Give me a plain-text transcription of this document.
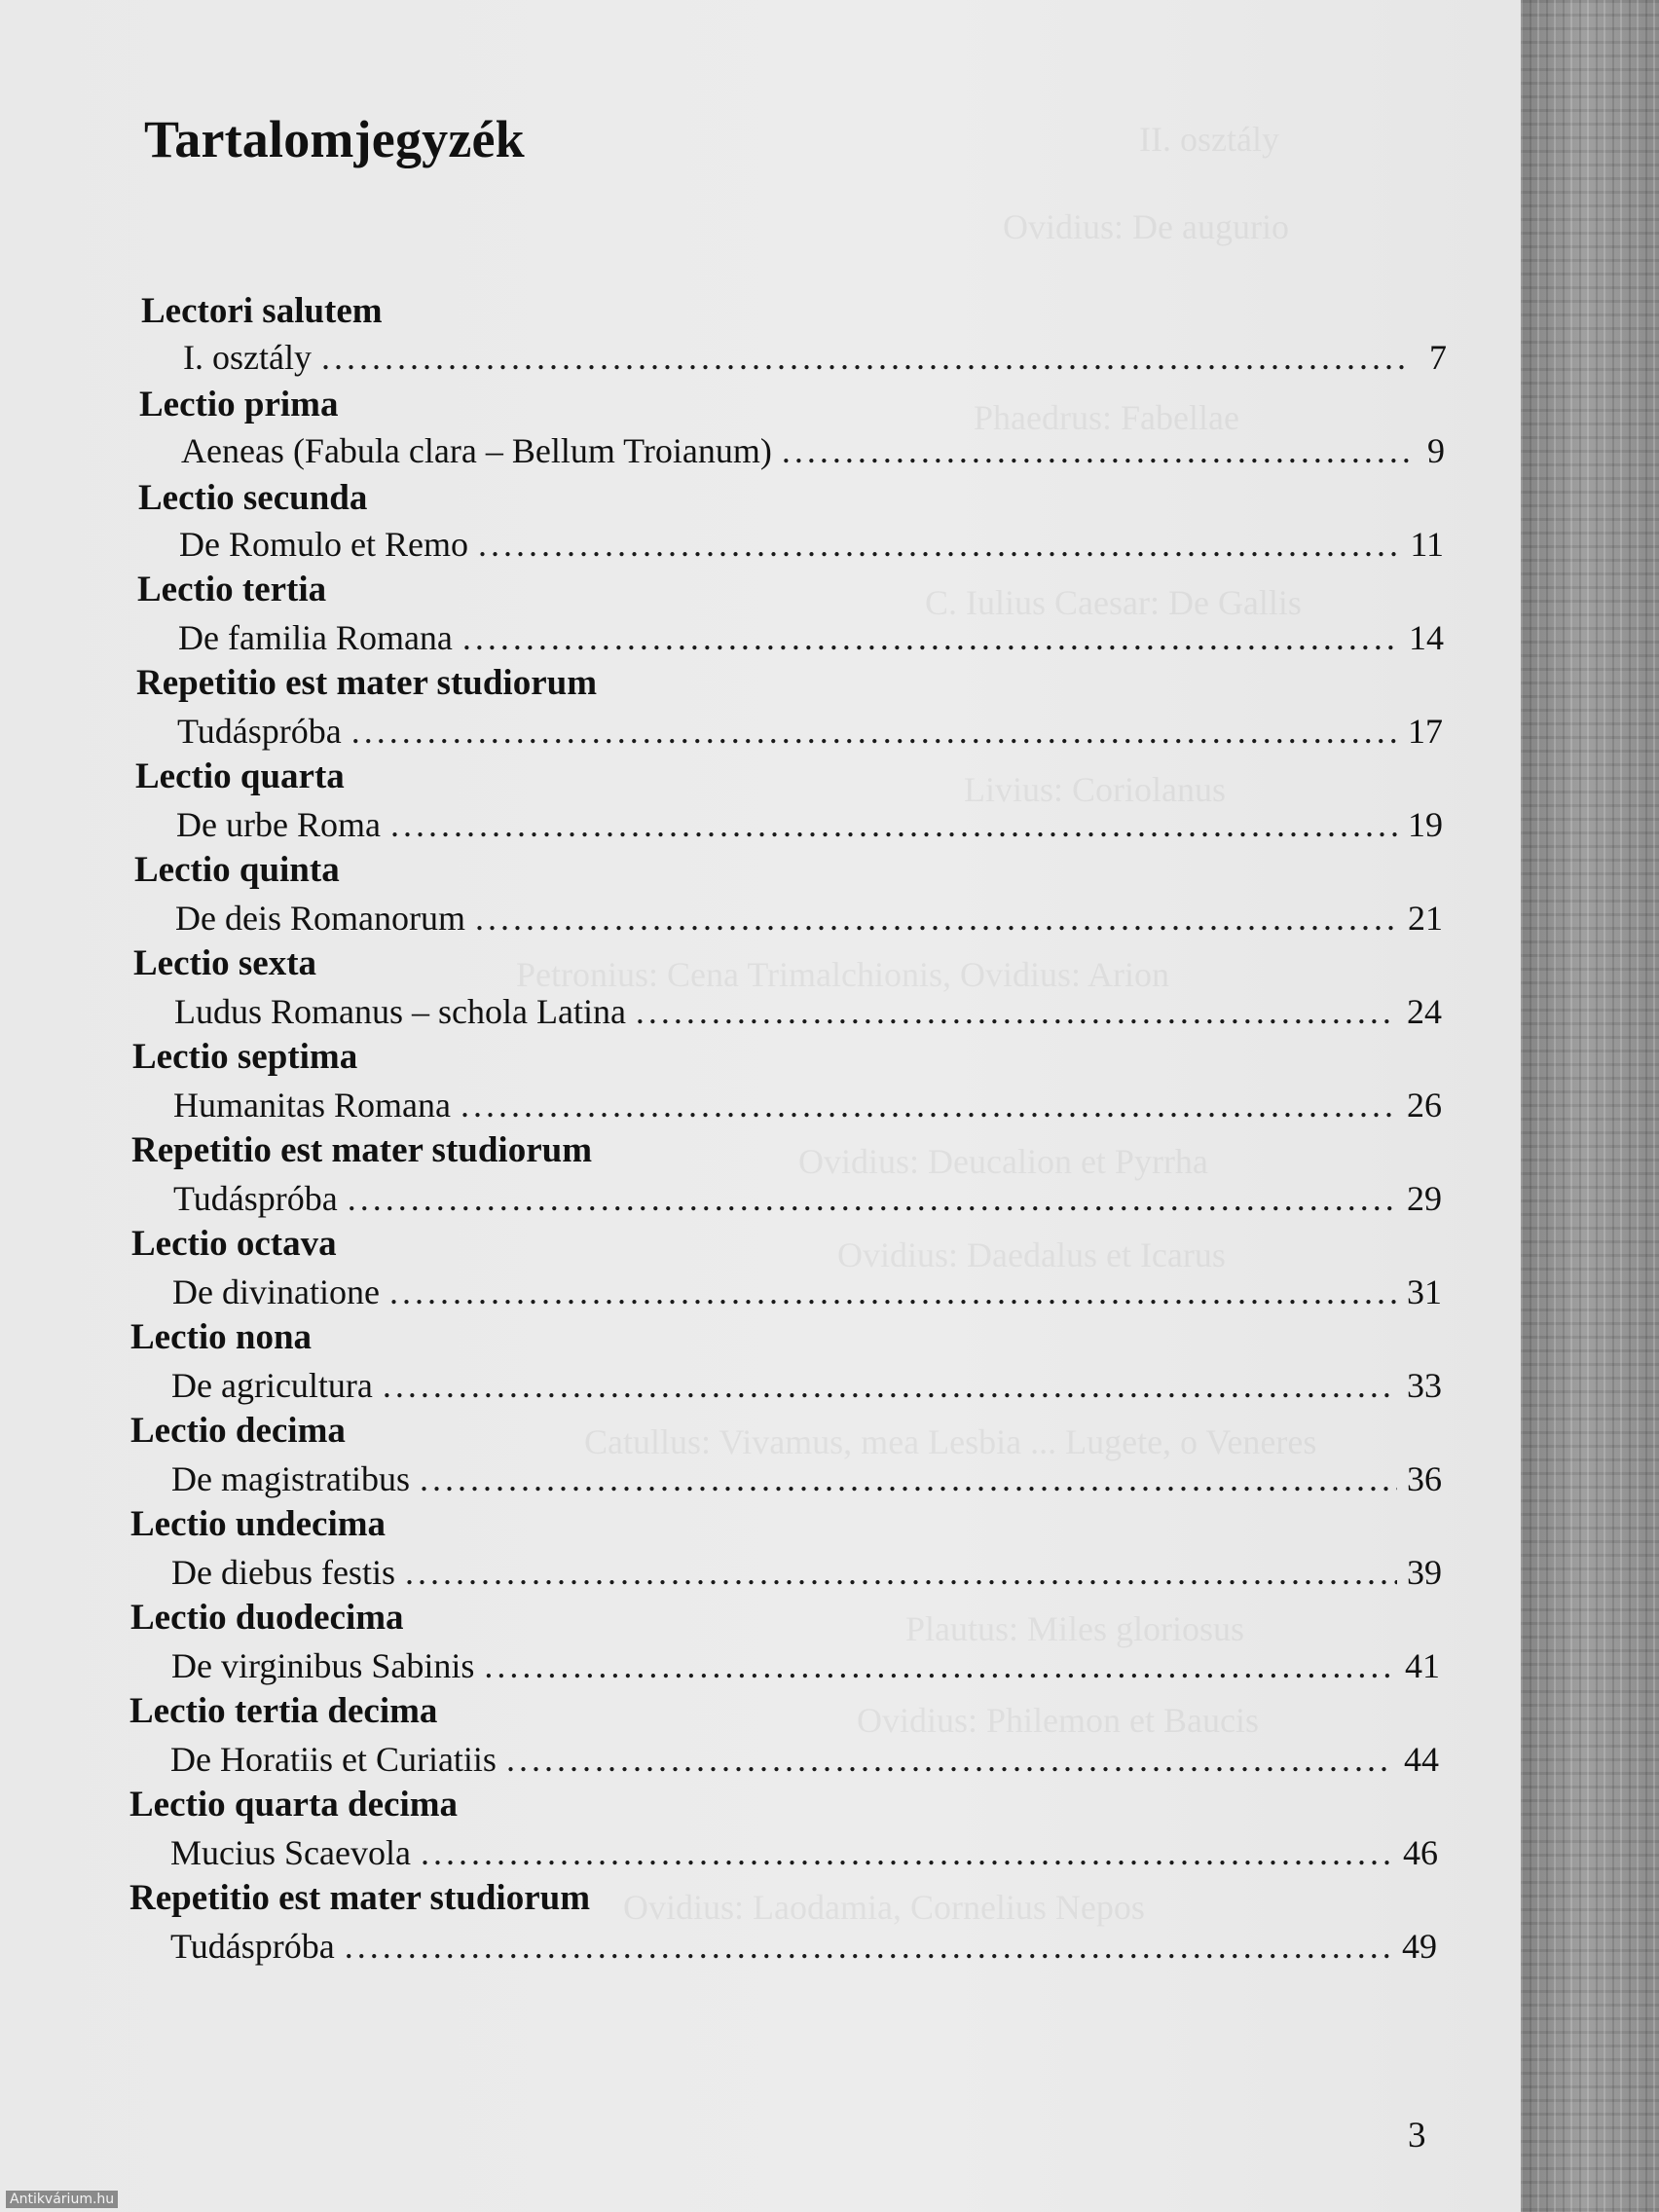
II. osztály
Ovidius: De augurio
Phaedrus: Fabellae
C. Iulius Caesar: De Gallis
Livius: Coriolanus
Petronius: Cena Trimalchionis, Ovidius: Arion
Ovidius: Deucalion et Pyrrha
Ovidius: Daedalus et Icarus
Catullus: Vivamus, mea Lesbia ... Lugete, o Veneres
Plautus: Miles gloriosus
Ovidius: Philemon et Baucis
Ovidius: Laodamia, Cornelius Nepos
Tartalomjegyzék
Lectori salutem
I. osztály .....	7
Lectio prima
Aeneas (Fabula clara – Bellum Troianum) .....	9
Lectio secunda
De Romulo et Remo .....	11
Lectio tertia
De familia Romana .....	14
Repetitio est mater studiorum
Tudáspróba .....	17
Lectio quarta
De urbe Roma .....	19
Lectio quinta
De deis Romanorum .....	21
Lectio sexta
Ludus Romanus – schola Latina .....	24
Lectio septima
Humanitas Romana .....	26
Repetitio est mater studiorum
Tudáspróba .....	29
Lectio octava
De divinatione .....	31
Lectio nona
De agricultura .....	33
Lectio decima
De magistratibus .....	36
Lectio undecima
De diebus festis .....	39
Lectio duodecima
De virginibus Sabinis .....	41
Lectio tertia decima
De Horatiis et Curiatiis .....	44
Lectio quarta decima
Mucius Scaevola .....	46
Repetitio est mater studiorum
Tudáspróba .....	49
3
Antikvárium.hu
